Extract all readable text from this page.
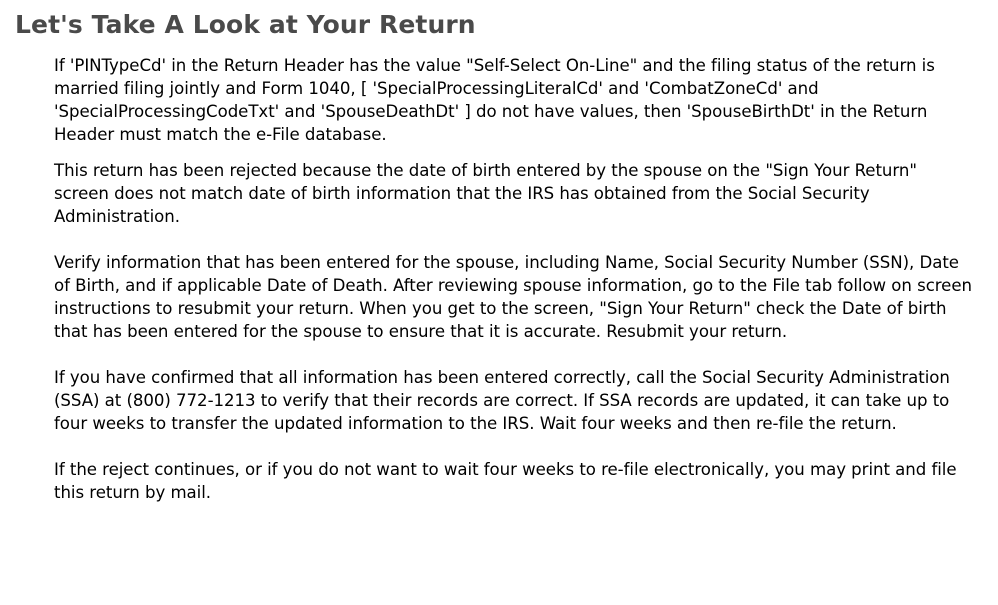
Let's Take A Look at Your Return

If 'PINTypeCd' in the Return Header has the value "Self-Select On-Line" and the filing status of the return is married filing jointly and Form 1040, [ 'SpecialProcessingLiteralCd' and 'CombatZoneCd' and 'SpecialProcessingCodeTxt' and 'SpouseDeathDt' ] do not have values, then 'SpouseBirthDt' in the Return Header must match the e-File database.

This return has been rejected because the date of birth entered by the spouse on the "Sign Your Return" screen does not match date of birth information that the IRS has obtained from the Social Security Administration.

Verify information that has been entered for the spouse, including Name, Social Security Number (SSN), Date of Birth, and if applicable Date of Death. After reviewing spouse information, go to the File tab follow on screen instructions to resubmit your return. When you get to the screen, "Sign Your Return" check the Date of birth that has been entered for the spouse to ensure that it is accurate. Resubmit your return.

If you have confirmed that all information has been entered correctly, call the Social Security Administration (SSA) at (800) 772-1213 to verify that their records are correct. If SSA records are updated, it can take up to four weeks to transfer the updated information to the IRS. Wait four weeks and then re-file the return.

If the reject continues, or if you do not want to wait four weeks to re-file electronically, you may print and file this return by mail.
